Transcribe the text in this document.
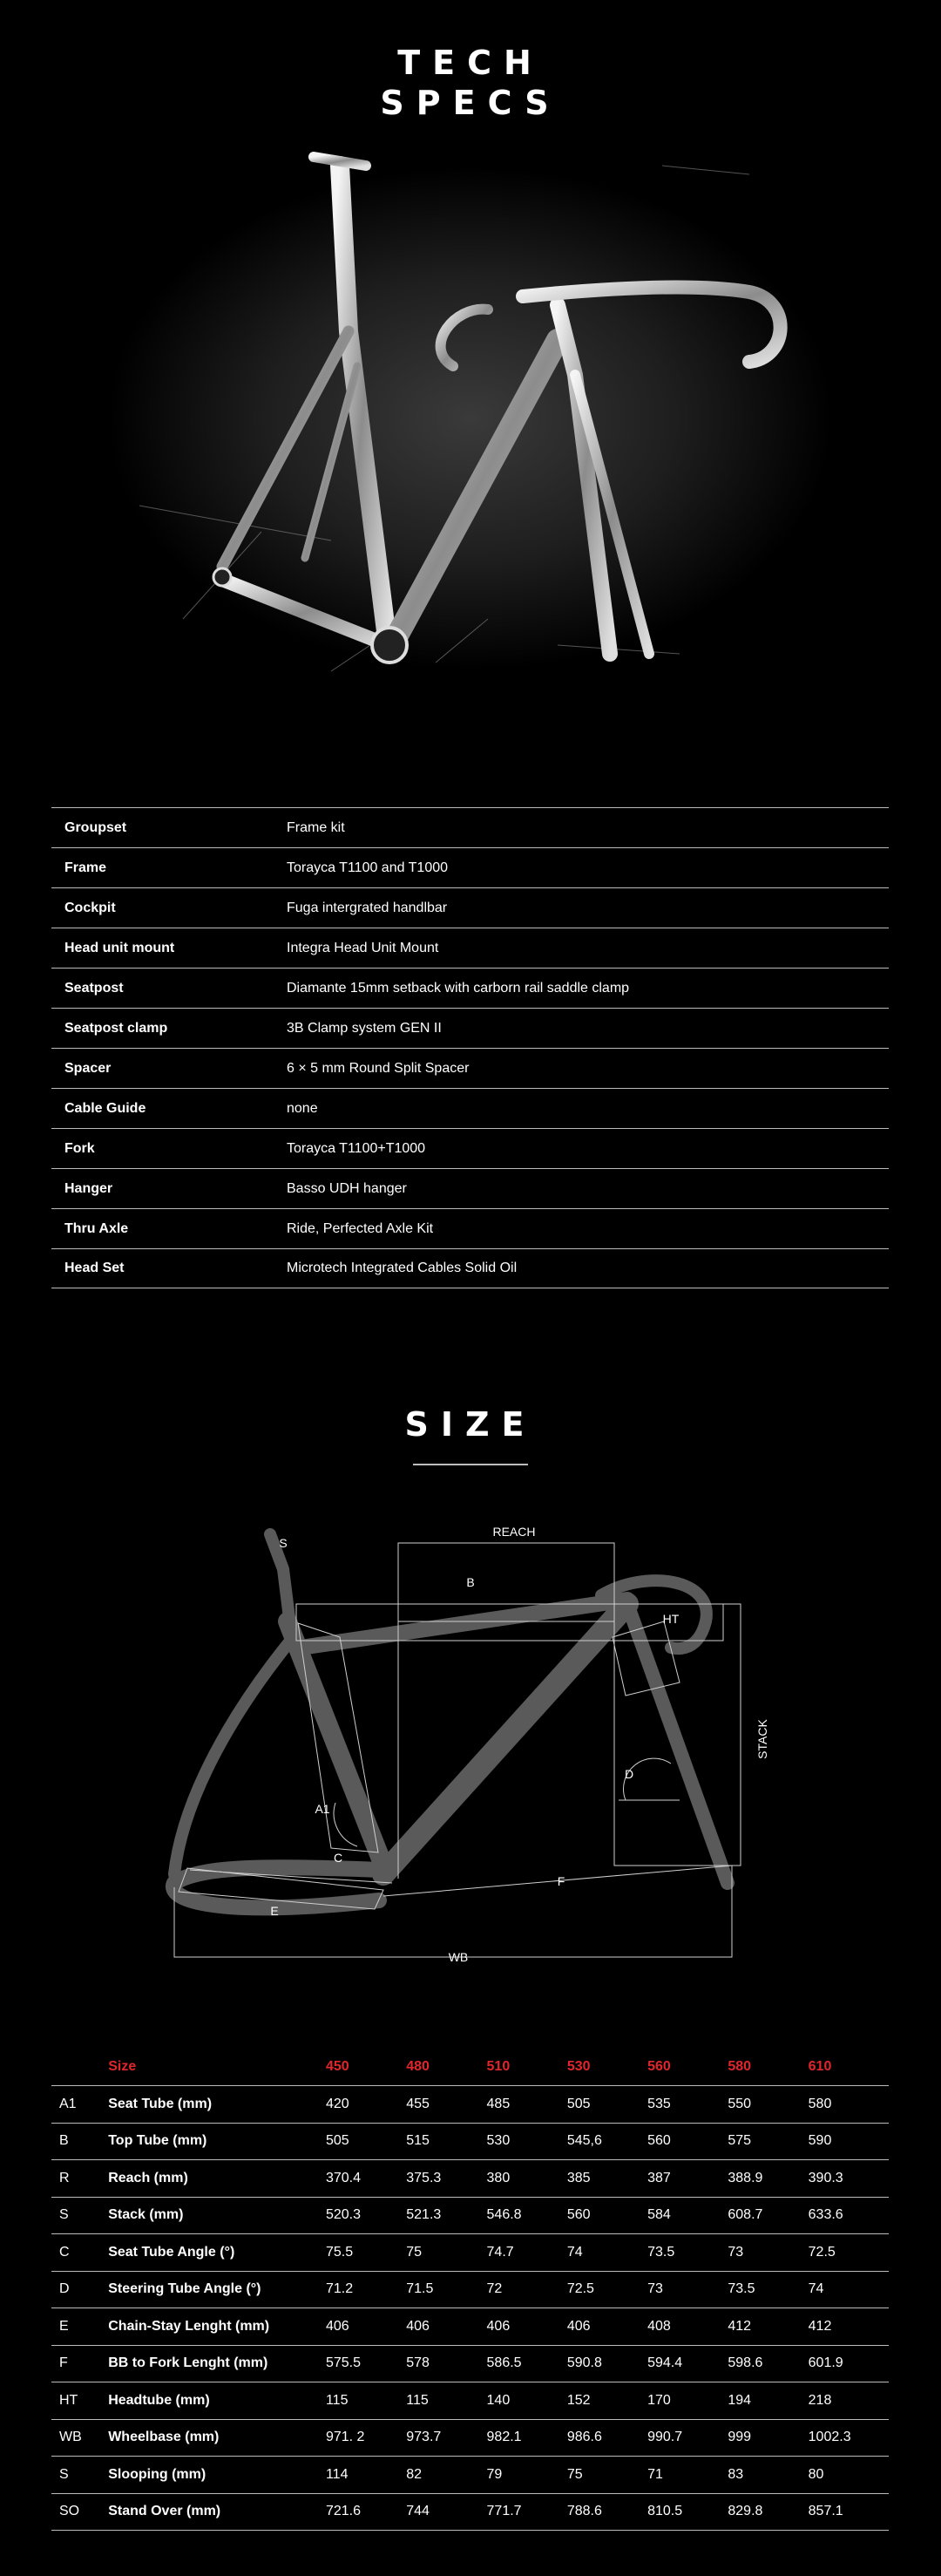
TECH
SPECS
Groupset	Frame kit
Frame	Torayca T1100 and T1000
Cockpit	Fuga intergrated handlbar
Head unit mount	Integra Head Unit Mount
Seatpost	Diamante 15mm setback with carborn rail saddle clamp
Seatpost clamp	3B Clamp system GEN II
Spacer	6 × 5 mm Round Split Spacer
Cable Guide	none
Fork	Torayca T1100+T1000
Hanger	Basso UDH hanger
Thru Axle	Ride, Perfected Axle Kit
Head Set	Microtech Integrated Cables Solid Oil
SIZE
REACH
B
S
HT
STACK
D
A1
C
F
E
WB
	Size	450	480	510	530	560	580	610
A1	Seat Tube (mm)	420	455	485	505	535	550	580
B	Top Tube (mm)	505	515	530	545,6	560	575	590
R	Reach (mm)	370.4	375.3	380	385	387	388.9	390.3
S	Stack (mm)	520.3	521.3	546.8	560	584	608.7	633.6
C	Seat Tube Angle (°)	75.5	75	74.7	74	73.5	73	72.5
D	Steering Tube Angle (°)	71.2	71.5	72	72.5	73	73.5	74
E	Chain-Stay Lenght (mm)	406	406	406	406	408	412	412
F	BB to Fork Lenght (mm)	575.5	578	586.5	590.8	594.4	598.6	601.9
HT	Headtube (mm)	115	115	140	152	170	194	218
WB	Wheelbase (mm)	971. 2	973.7	982.1	986.6	990.7	999	1002.3
S	Slooping (mm)	114	82	79	75	71	83	80
SO	Stand Over (mm)	721.6	744	771.7	788.6	810.5	829.8	857.1
